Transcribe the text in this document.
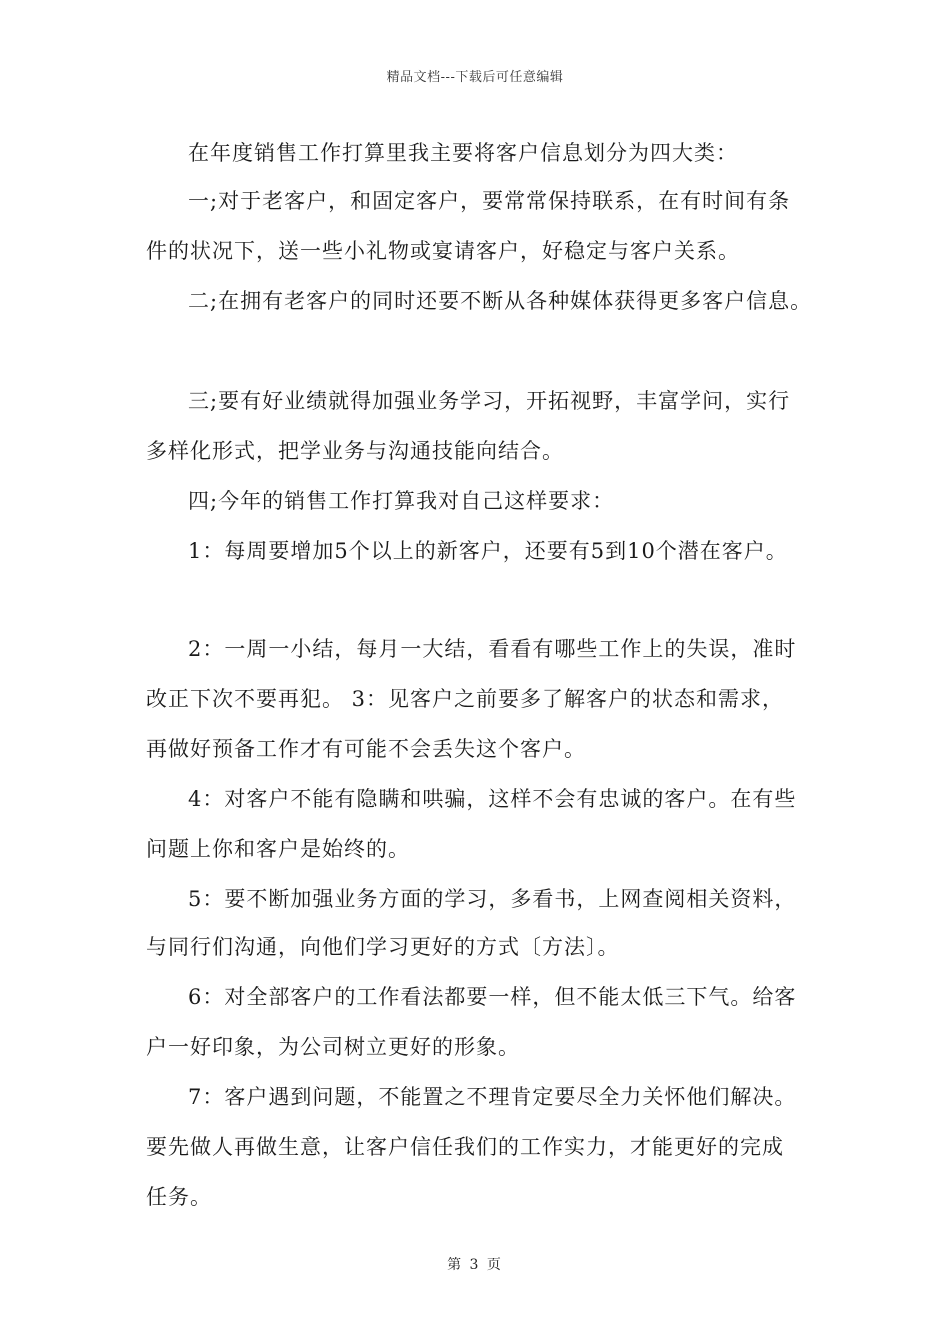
精品文档---下载后可任意编辑
在年度销售工作打算里我主要将客户信息划分为四大类：
一;对于老客户，和固定客户，要常常保持联系，在有时间有条
件的状况下，送一些小礼物或宴请客户，好稳定与客户关系。
二;在拥有老客户的同时还要不断从各种媒体获得更多客户信息。
三;要有好业绩就得加强业务学习，开拓视野，丰富学问，实行
多样化形式，把学业务与沟通技能向结合。
四;今年的销售工作打算我对自己这样要求：
1：每周要增加5个以上的新客户，还要有5到10个潜在客户。
2：一周一小结，每月一大结，看看有哪些工作上的失误，准时
改正下次不要再犯。 3：见客户之前要多了解客户的状态和需求，
再做好预备工作才有可能不会丢失这个客户。
4：对客户不能有隐瞒和哄骗，这样不会有忠诚的客户。在有些
问题上你和客户是始终的。
5：要不断加强业务方面的学习，多看书，上网查阅相关资料，
与同行们沟通，向他们学习更好的方式〔方法〕。
6：对全部客户的工作看法都要一样，但不能太低三下气。给客
户一好印象，为公司树立更好的形象。
7：客户遇到问题，不能置之不理肯定要尽全力关怀他们解决。
要先做人再做生意，让客户信任我们的工作实力，才能更好的完成
任务。
第 3 页
